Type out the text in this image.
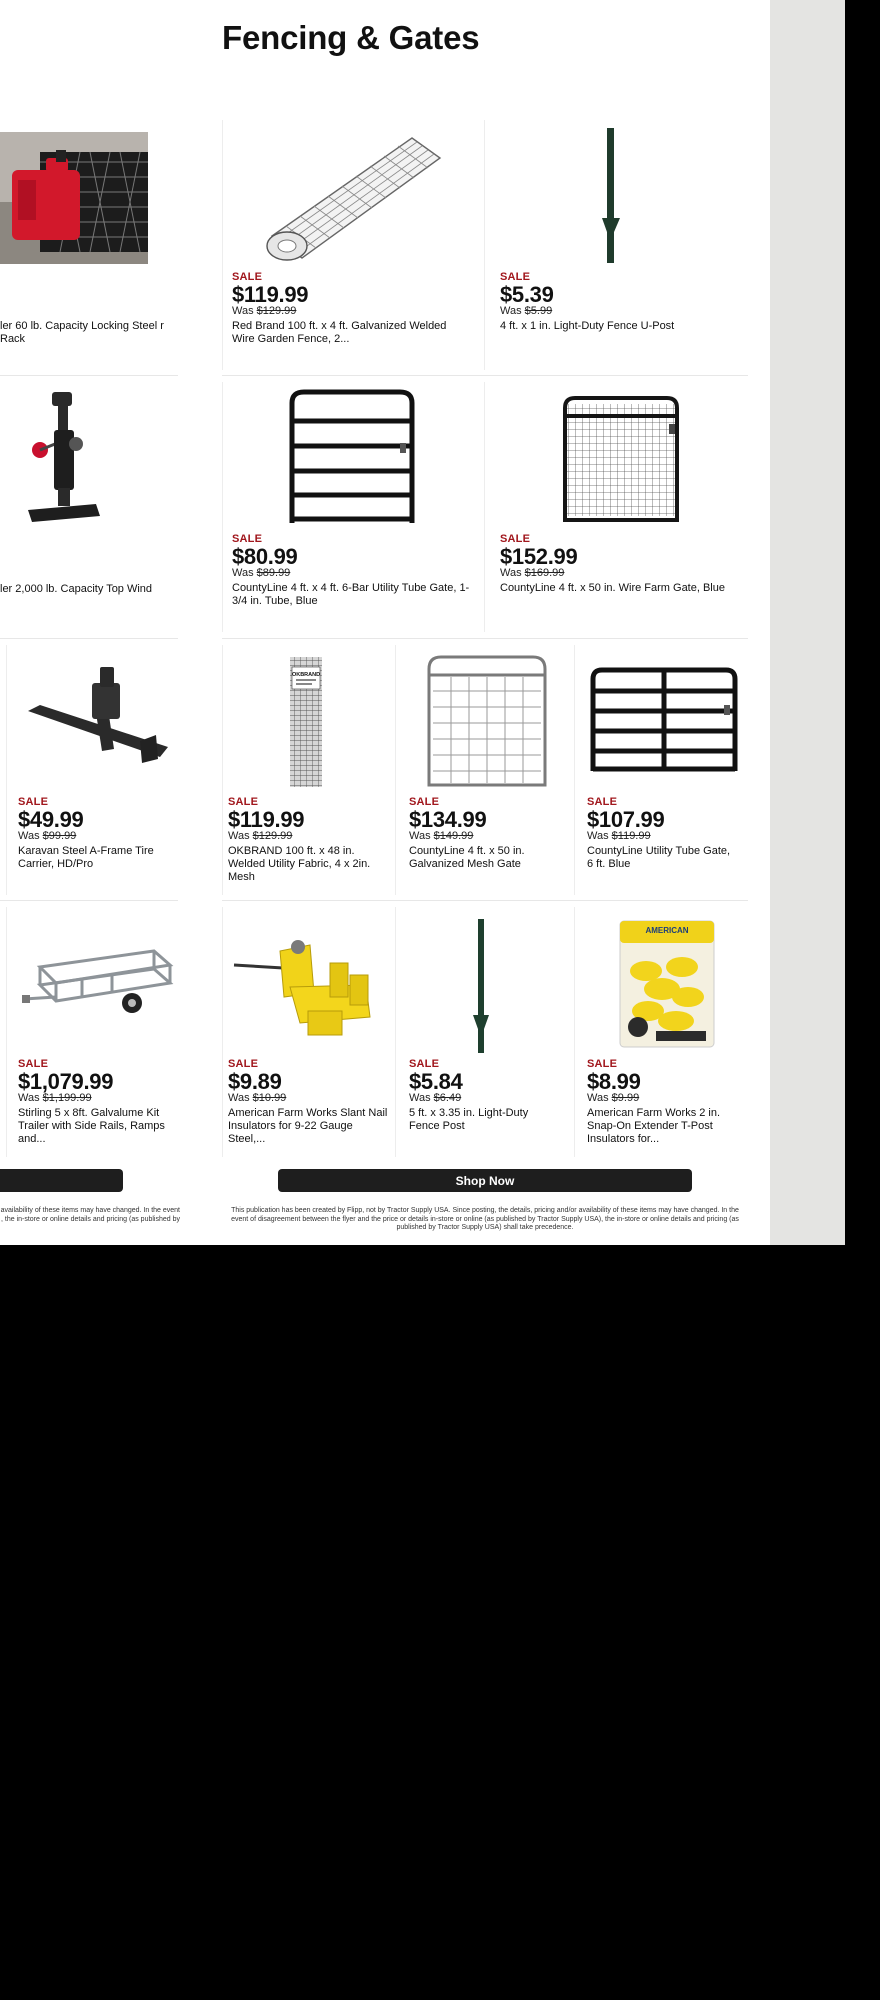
Fencing & Gates
ler 60 lb. Capacity Locking Steel r Rack
SALE
$119.99
Was $129.99
Red Brand 100 ft. x 4 ft. Galvanized Welded Wire Garden Fence, 2...
SALE
$5.39
Was $5.99
4 ft. x 1 in. Light-Duty Fence U-Post
ler 2,000 lb. Capacity Top Wind
SALE
$80.99
Was $89.99
CountyLine 4 ft. x 4 ft. 6-Bar Utility Tube Gate, 1-3/4 in. Tube, Blue
SALE
$152.99
Was $169.99
CountyLine 4 ft. x 50 in. Wire Farm Gate, Blue
SALE
$49.99
Was $99.99
Karavan Steel A-Frame Tire Carrier, HD/Pro
OKBRAND
SALE
$119.99
Was $129.99
OKBRAND 100 ft. x 48 in. Welded Utility Fabric, 4 x 2in. Mesh
SALE
$134.99
Was $149.99
CountyLine 4 ft. x 50 in. Galvanized Mesh Gate
SALE
$107.99
Was $119.99
CountyLine Utility Tube Gate, 6 ft. Blue
SALE
$1,079.99
Was $1,199.99
Stirling 5 x 8ft. Galvalume Kit Trailer with Side Rails, Ramps and...
SALE
$9.89
Was $10.99
American Farm Works Slant Nail Insulators for 9-22 Gauge Steel,...
SALE
$5.84
Was $6.49
5 ft. x 3.35 in. Light-Duty Fence Post
AMERICAN
SALE
$8.99
Was $9.99
American Farm Works 2 in. Snap-On Extender T-Post Insulators for...
Shop Now
availability of these items may have changed. In the event
, the in-store or online details and pricing (as published by
This publication has been created by Flipp, not by Tractor Supply USA. Since posting, the details, pricing and/or availability of these items may have changed. In the event of disagreement between the flyer and the price or details in-store or online (as published by Tractor Supply USA), the in-store or online details and pricing (as published by Tractor Supply USA) shall take precedence.
